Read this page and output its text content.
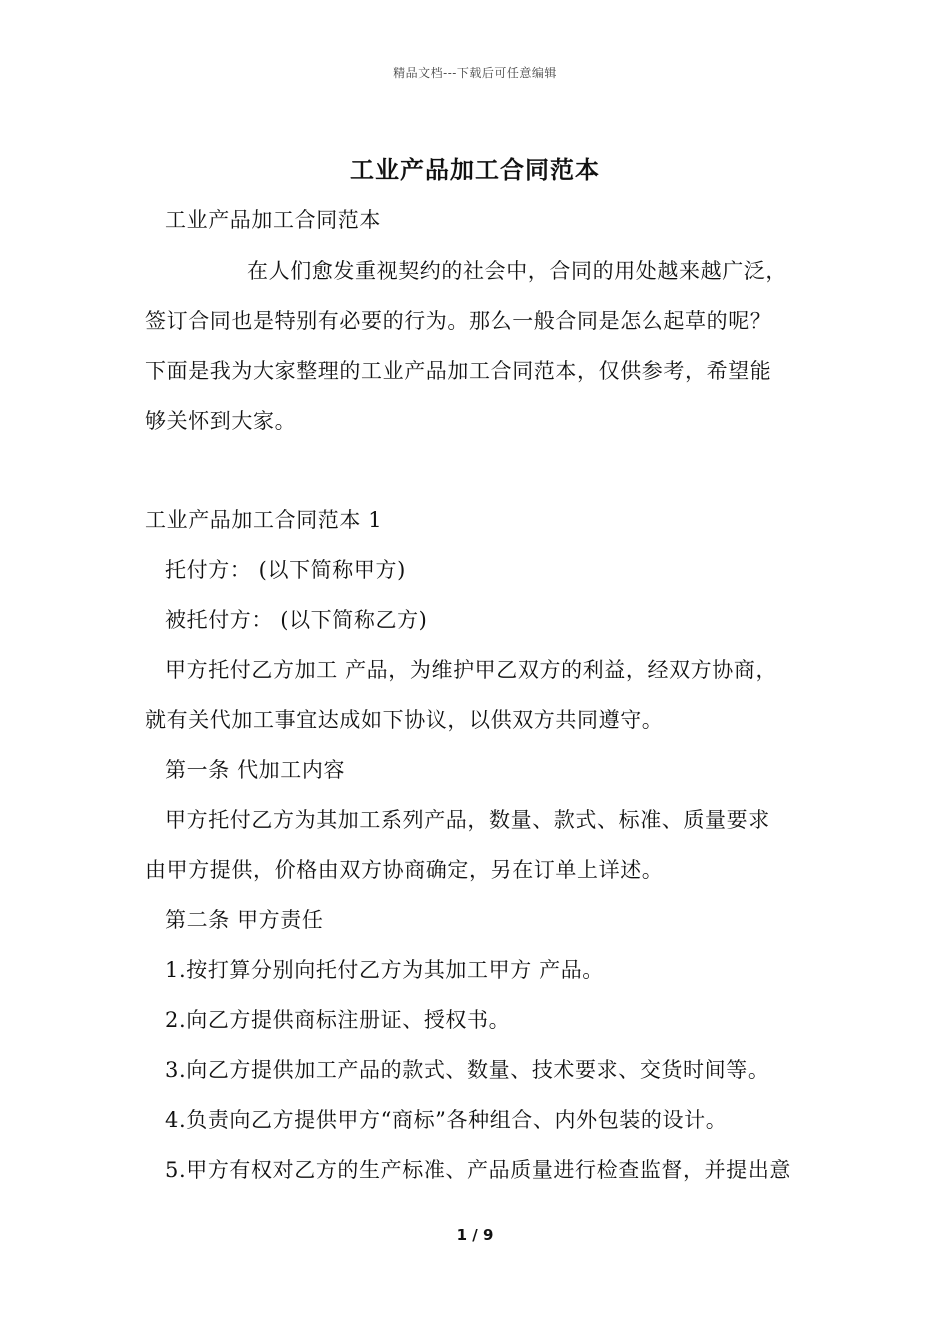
精品文档---下载后可任意编辑
工业产品加工合同范本
工业产品加工合同范本
在人们愈发重视契约的社会中，合同的用处越来越广泛，
签订合同也是特别有必要的行为。那么一般合同是怎么起草的呢？
下面是我为大家整理的工业产品加工合同范本，仅供参考，希望能
够关怀到大家。
工业产品加工合同范本 1
托付方： (以下简称甲方)
被托付方： (以下简称乙方)
甲方托付乙方加工 产品，为维护甲乙双方的利益，经双方协商，
就有关代加工事宜达成如下协议，以供双方共同遵守。
第一条 代加工内容
甲方托付乙方为其加工系列产品，数量、款式、标准、质量要求
由甲方提供，价格由双方协商确定，另在订单上详述。
第二条 甲方责任
1.按打算分别向托付乙方为其加工甲方 产品。
2.向乙方提供商标注册证、授权书。
3.向乙方提供加工产品的款式、数量、技术要求、交货时间等。
4.负责向乙方提供甲方“商标”各种组合、内外包装的设计。
5.甲方有权对乙方的生产标准、产品质量进行检查监督，并提出意
1 / 9
